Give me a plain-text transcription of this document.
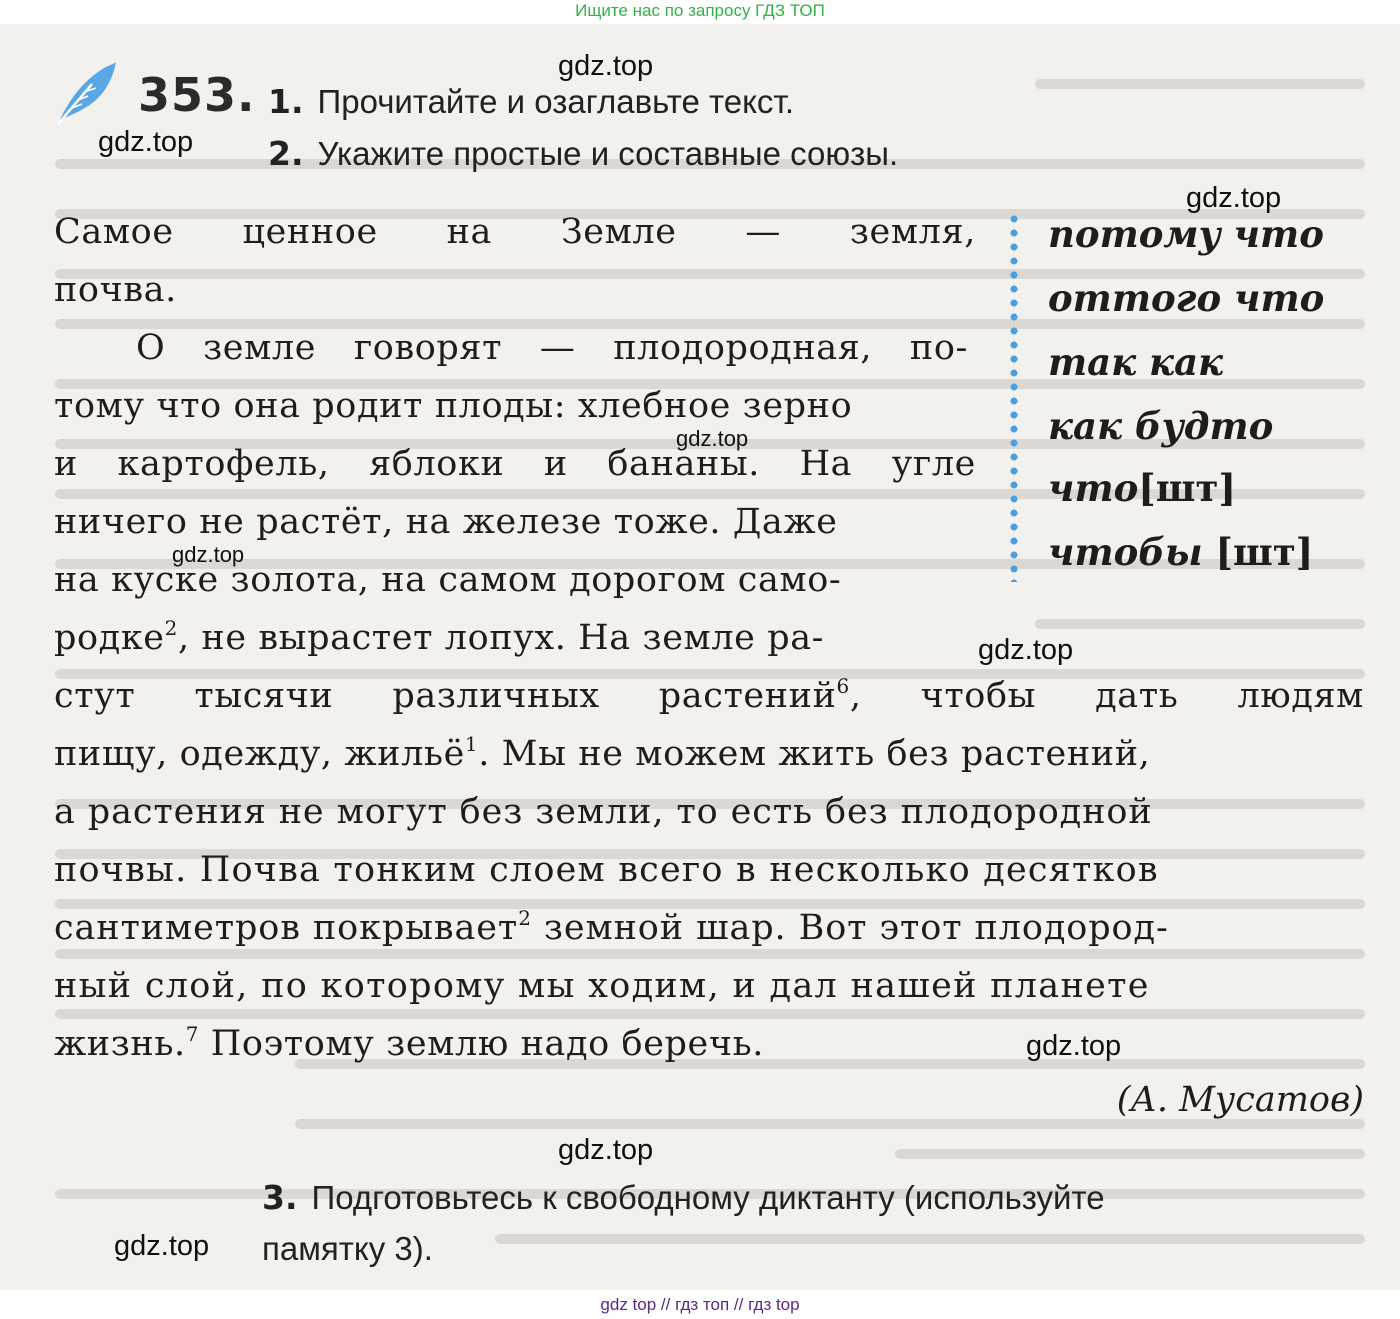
353. 1. Прочитайте и озаглавьте текст.
2. Укажите простые и составные союзы.
Самое ценное на Земле — земля,
почва.
О земле говорят — плодородная, по-
тому что она родит плоды: хлебное зерно
и картофель, яблоки и бананы. На угле
ничего не растёт, на железе тоже. Даже
на куске золота, на самом дорогом само-
родке$^2$, не вырастет лопух. На земле ра-
стут тысячи различных растений$^6$, чтобы дать людям
пищу, одежду, жильё$^1$. Мы не можем жить без растений,
а растения не могут без земли, то есть без плодородной
почвы. Почва тонким слоем всего в несколько десятков
сантиметров покрывает$^2$ земной шар. Вот этот плодород-
ный слой, по которому мы ходим, и дал нашей планете
жизнь.$^7$ Поэтому землю надо беречь.
(А. Мусатов)
потому что
оттого что
так как
как будто
что[шт]
чтобы [шт]
3. Подготовьтесь к свободному диктанту (используйте
памятку 3).
gdz.top
gdz.top
gdz.top
gdz.top
gdz.top
gdz.top
gdz.top
gdz.top
gdz.top
Ищите нас по запросу ГДЗ ТОП
gdz top // гдз топ // гдз top
